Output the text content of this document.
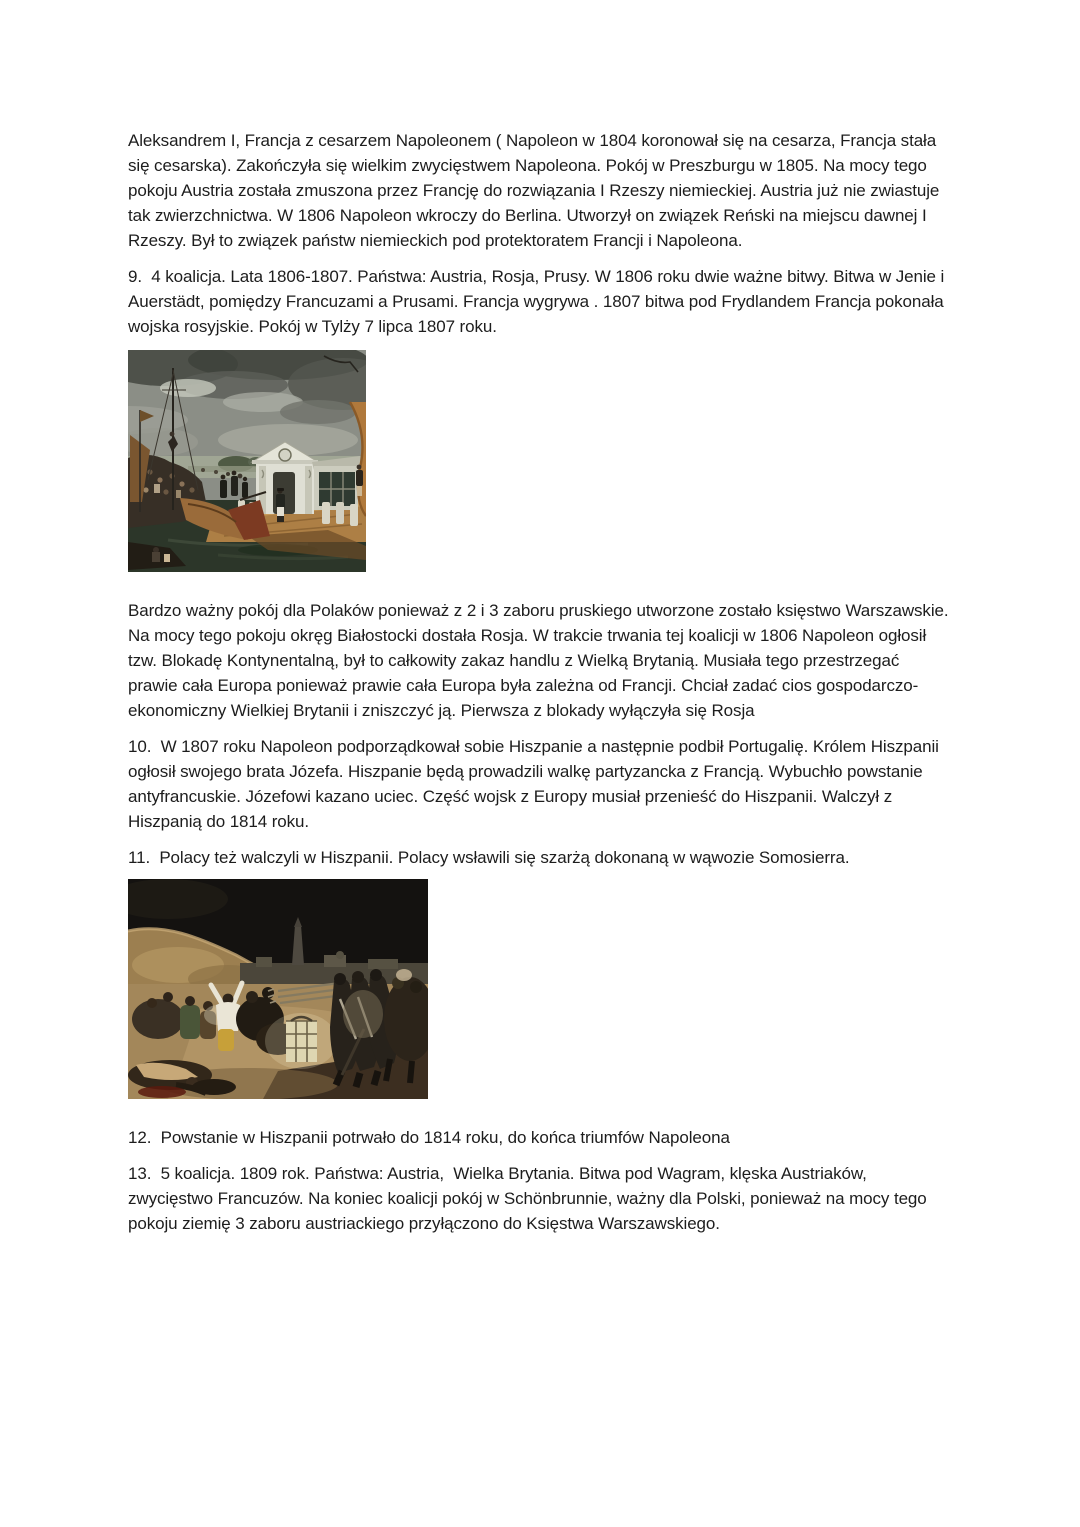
Aleksandrem I, Francja z cesarzem Napoleonem ( Napoleon w 1804 koronował się na cesarza, Francja stała się cesarska). Zakończyła się wielkim zwycięstwem Napoleona. Pokój w Preszburgu w 1805. Na mocy tego pokoju Austria została zmuszona przez Francję do rozwiązania I Rzeszy niemieckiej. Austria już nie zwiastuje tak zwierzchnictwa. W 1806 Napoleon wkroczy do Berlina. Utworzył on związek Reński na miejscu dawnej I Rzeszy. Był to związek państw niemieckich pod protektoratem Francji i Napoleona.

9.  4 koalicja. Lata 1806-1807. Państwa: Austria, Rosja, Prusy. W 1806 roku dwie ważne bitwy. Bitwa w Jenie i Auerstädt, pomiędzy Francuzami a Prusami. Francja wygrywa . 1807 bitwa pod Frydlandem Francja pokonała wojska rosyjskie. Pokój w Tylży 7 lipca 1807 roku.

Bardzo ważny pokój dla Polaków ponieważ z 2 i 3 zaboru pruskiego utworzone zostało księstwo Warszawskie. Na mocy tego pokoju okręg Białostocki dostała Rosja. W trakcie trwania tej koalicji w 1806 Napoleon ogłosił tzw. Blokadę Kontynentalną, był to całkowity zakaz handlu z Wielką Brytanią. Musiała tego przestrzegać prawie cała Europa ponieważ prawie cała Europa była zależna od Francji. Chciał zadać cios gospodarczo-ekonomiczny Wielkiej Brytanii i zniszczyć ją. Pierwsza z blokady wyłączyła się Rosja

10.  W 1807 roku Napoleon podporządkował sobie Hiszpanie a następnie podbił Portugalię. Królem Hiszpanii ogłosił swojego brata Józefa. Hiszpanie będą prowadzili walkę partyzancka z Francją. Wybuchło powstanie antyfrancuskie. Józefowi kazano uciec. Część wojsk z Europy musiał przenieść do Hiszpanii. Walczył z Hiszpanią do 1814 roku.

11.  Polacy też walczyli w Hiszpanii. Polacy wsławili się szarżą dokonaną w wąwozie Somosierra.

12.  Powstanie w Hiszpanii potrwało do 1814 roku, do końca triumfów Napoleona

13.  5 koalicja. 1809 rok. Państwa: Austria,  Wielka Brytania. Bitwa pod Wagram, klęska Austriaków, zwycięstwo Francuzów. Na koniec koalicji pokój w Schönbrunnie, ważny dla Polski, ponieważ na mocy tego pokoju ziemię 3 zaboru austriackiego przyłączono do Księstwa Warszawskiego.
